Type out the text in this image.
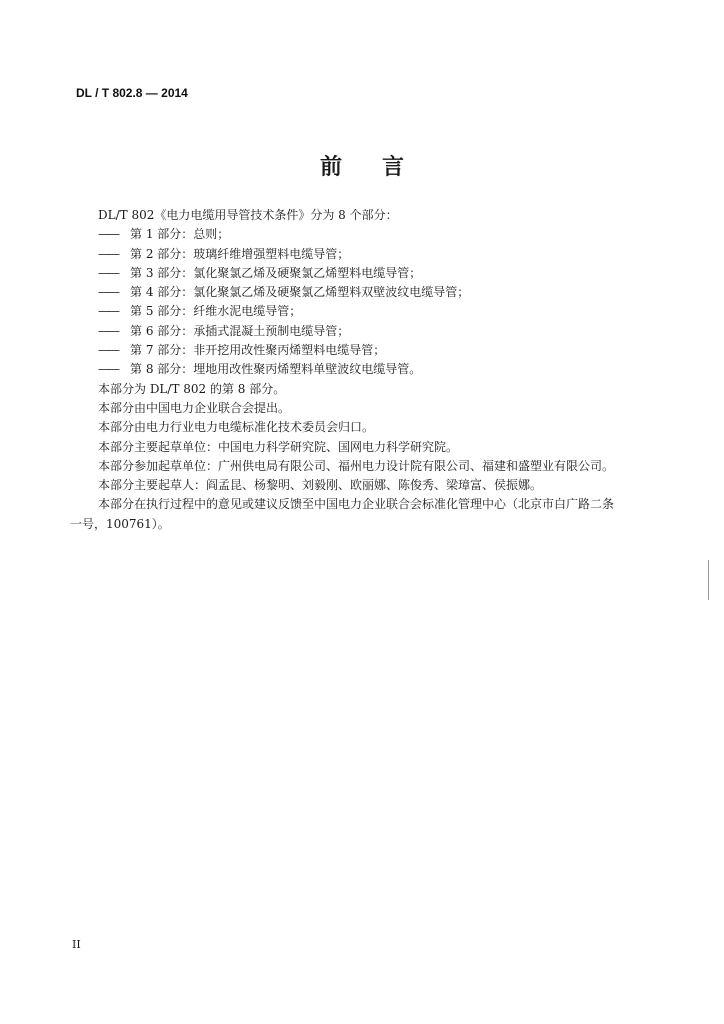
DL / T 802.8 — 2014
前言
DL/T 802《电力电缆用导管技术条件》分为 8 个部分：
—— 第 1 部分：总则；
—— 第 2 部分：玻璃纤维增强塑料电缆导管；
—— 第 3 部分：氯化聚氯乙烯及硬聚氯乙烯塑料电缆导管；
—— 第 4 部分：氯化聚氯乙烯及硬聚氯乙烯塑料双壁波纹电缆导管；
—— 第 5 部分：纤维水泥电缆导管；
—— 第 6 部分：承插式混凝土预制电缆导管；
—— 第 7 部分：非开挖用改性聚丙烯塑料电缆导管；
—— 第 8 部分：埋地用改性聚丙烯塑料单壁波纹电缆导管。
本部分为 DL/T 802 的第 8 部分。
本部分由中国电力企业联合会提出。
本部分由电力行业电力电缆标准化技术委员会归口。
本部分主要起草单位：中国电力科学研究院、国网电力科学研究院。
本部分参加起草单位：广州供电局有限公司、福州电力设计院有限公司、福建和盛塑业有限公司。
本部分主要起草人：阎孟昆、杨黎明、刘毅刚、欧丽娜、陈俊秀、梁璋富、侯振娜。
本部分在执行过程中的意见或建议反馈至中国电力企业联合会标准化管理中心（北京市白广路二条
一号，100761）。
II
